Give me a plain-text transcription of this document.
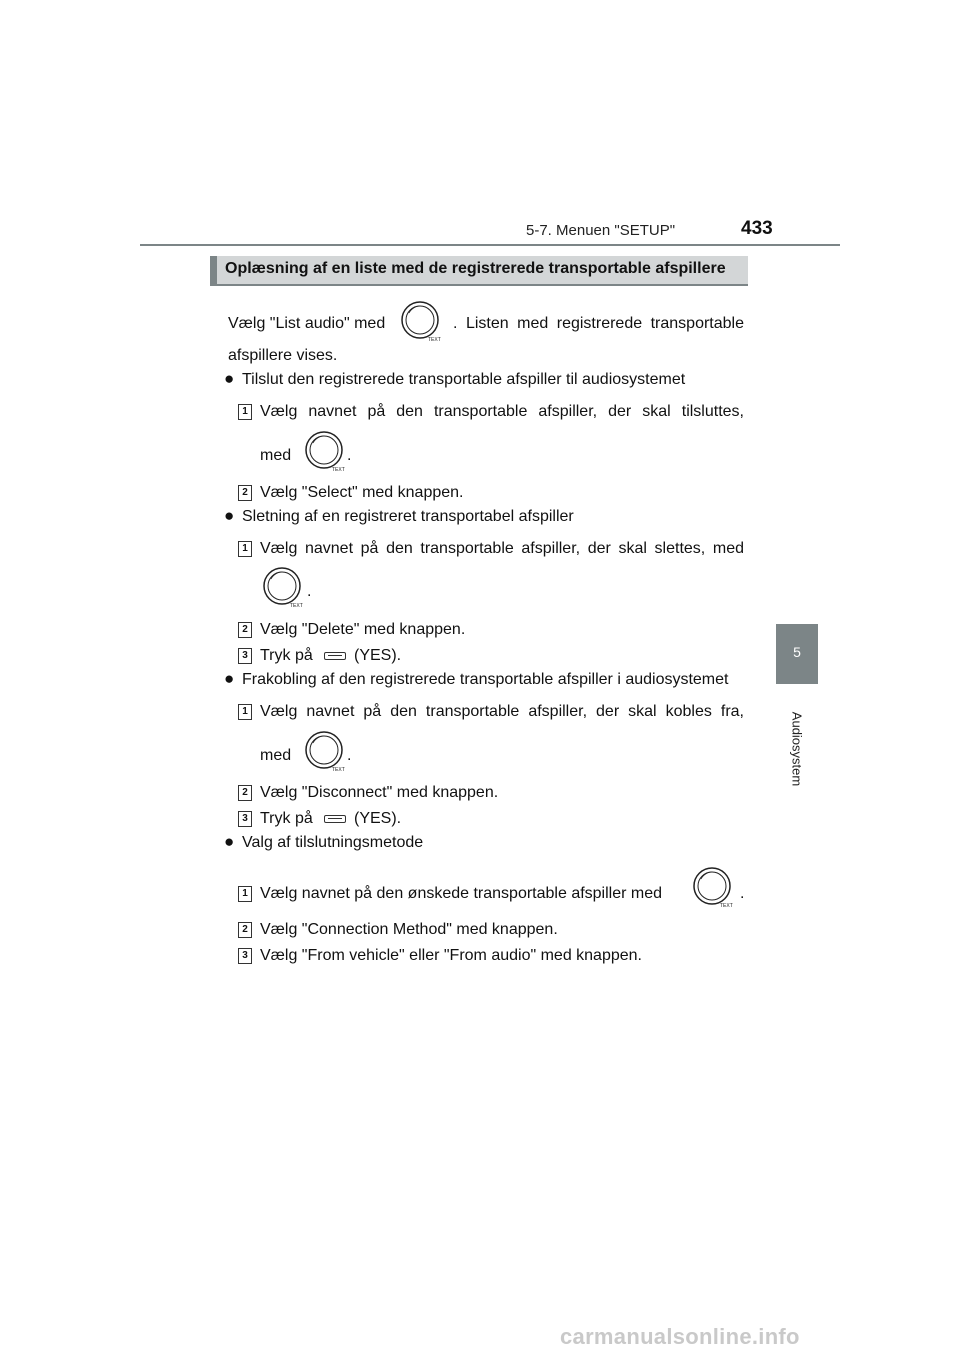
5-7. Menuen "SETUP"	433
5
Audiosystem
Oplæsning af en liste med de registrerede transportable afspillere
Vælg "List audio" med	. Listen med registrerede transportable
afspillere vises.
● Tilslut den registrerede transportable afspiller til audiosystemet
1 Vælg navnet på den transportable afspiller, der skal tilsluttes,
med	.
2 Vælg "Select" med knappen.
● Sletning af en registreret transportabel afspiller
1 Vælg navnet på den transportable afspiller, der skal slettes, med
.
2 Vælg "Delete" med knappen.
3 Tryk på	(YES).
● Frakobling af den registrerede transportable afspiller i audiosystemet
1 Vælg navnet på den transportable afspiller, der skal kobles fra,
med	.
2 Vælg "Disconnect" med knappen.
3 Tryk på	(YES).
● Valg af tilslutningsmetode
1 Vælg navnet på den ønskede transportable afspiller med	.
2 Vælg "Connection Method" med knappen.
3 Vælg "From vehicle" eller "From audio" med knappen.
carmanualsonline.info
